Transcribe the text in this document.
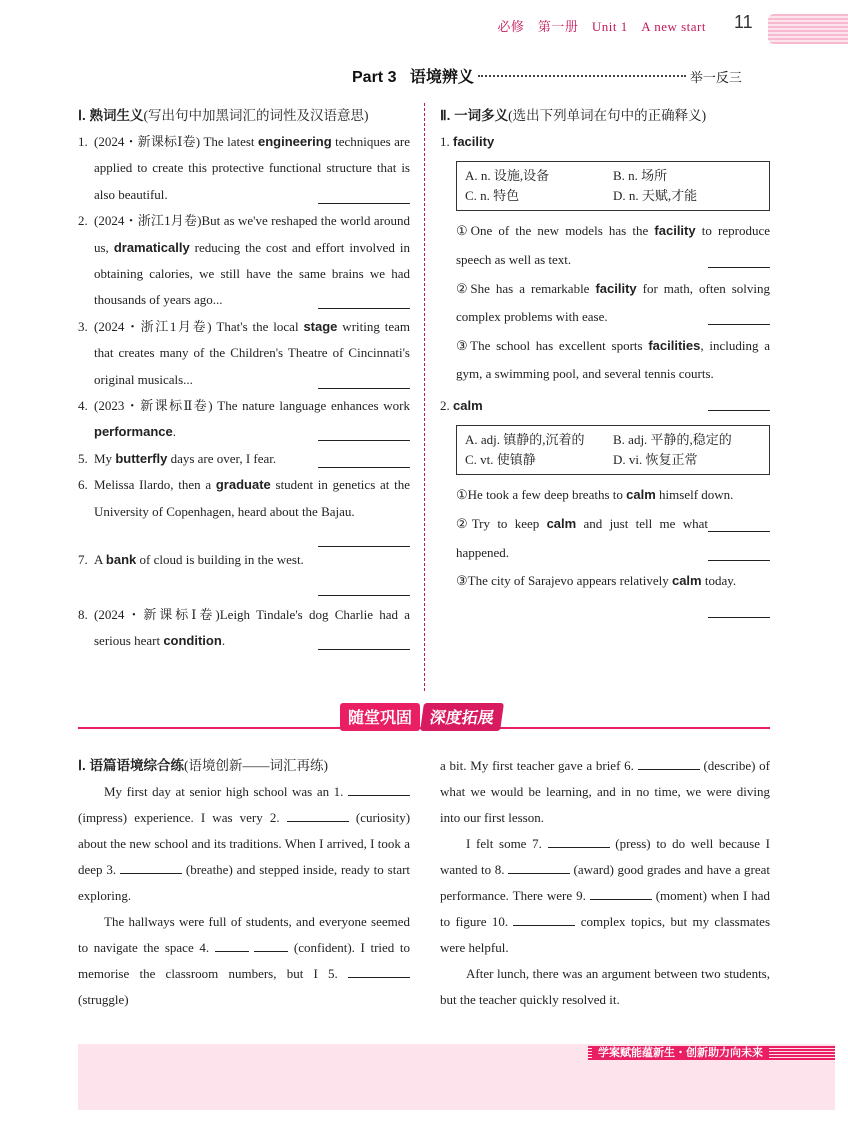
必修　第一册　Unit 1　A new start 11
Part 3 语境辨义	举一反三
Ⅰ. 熟词生义(写出句中加黑词汇的词性及汉语意思)
1. (2024・新课标Ⅰ卷) The latest engineering techniques are applied to create this protective functional structure that is also beautiful.
2. (2024・浙江1月卷)But as we've reshaped the world around us, dramatically reducing the cost and effort involved in obtaining calories, we still have the same brains we had thousands of years ago...
3. (2024・浙江1月卷) That's the local stage writing team that creates many of the Children's Theatre of Cincinnati's original musicals...
4. (2023・新课标Ⅱ卷) The nature language enhances work performance.
5. My butterfly days are over, I fear.
6. Melissa Ilardo, then a graduate student in genetics at the University of Copenhagen, heard about the Bajau.
7. A bank of cloud is building in the west.

8. (2024・新课标Ⅰ卷)Leigh Tindale's dog Charlie had a serious heart condition.
Ⅱ. 一词多义(选出下列单词在句中的正确释义)
1. facility
A. n. 设施,设备	B. n. 场所
C. n. 特色	D. n. 天赋,才能
①One of the new models has the facility to reproduce speech as well as text.
②She has a remarkable facility for math, often solving complex problems with ease.
③The school has excellent sports facilities, including a gym, a swimming pool, and several tennis courts.
2. calm
A. adj. 镇静的,沉着的	B. adj. 平静的,稳定的
C. vt. 使镇静	D. vi. 恢复正常
①He took a few deep breaths to calm himself down.
②Try to keep calm and just tell me what happened.
③The city of Sarajevo appears relatively calm today.
随堂巩固	深度拓展
Ⅰ. 语篇语境综合练(语境创新——词汇再练)

My first day at senior high school was an 1.  (impress) experience. I was very 2.	(curiosity) about the new school and its traditions. When I arrived, I took a deep 3.	(breathe) and stepped inside, ready to start exploring.

The hallways were full of students, and everyone seemed to navigate the space 4.	(confident). I tried to memorise the classroom numbers, but I 5.  (struggle)

a bit. My first teacher gave a brief 6.	(describe) of what we would be learning, and in no time, we were diving into our first lesson.

I felt some 7.	(press) to do well because I wanted to 8.	(award) good grades and have a great performance. There were 9.	(moment) when I had to figure 10.	complex topics, but my classmates were helpful.

After lunch, there was an argument between two students, but the teacher quickly resolved it.

学案赋能蕴新生・创新助力向未来
